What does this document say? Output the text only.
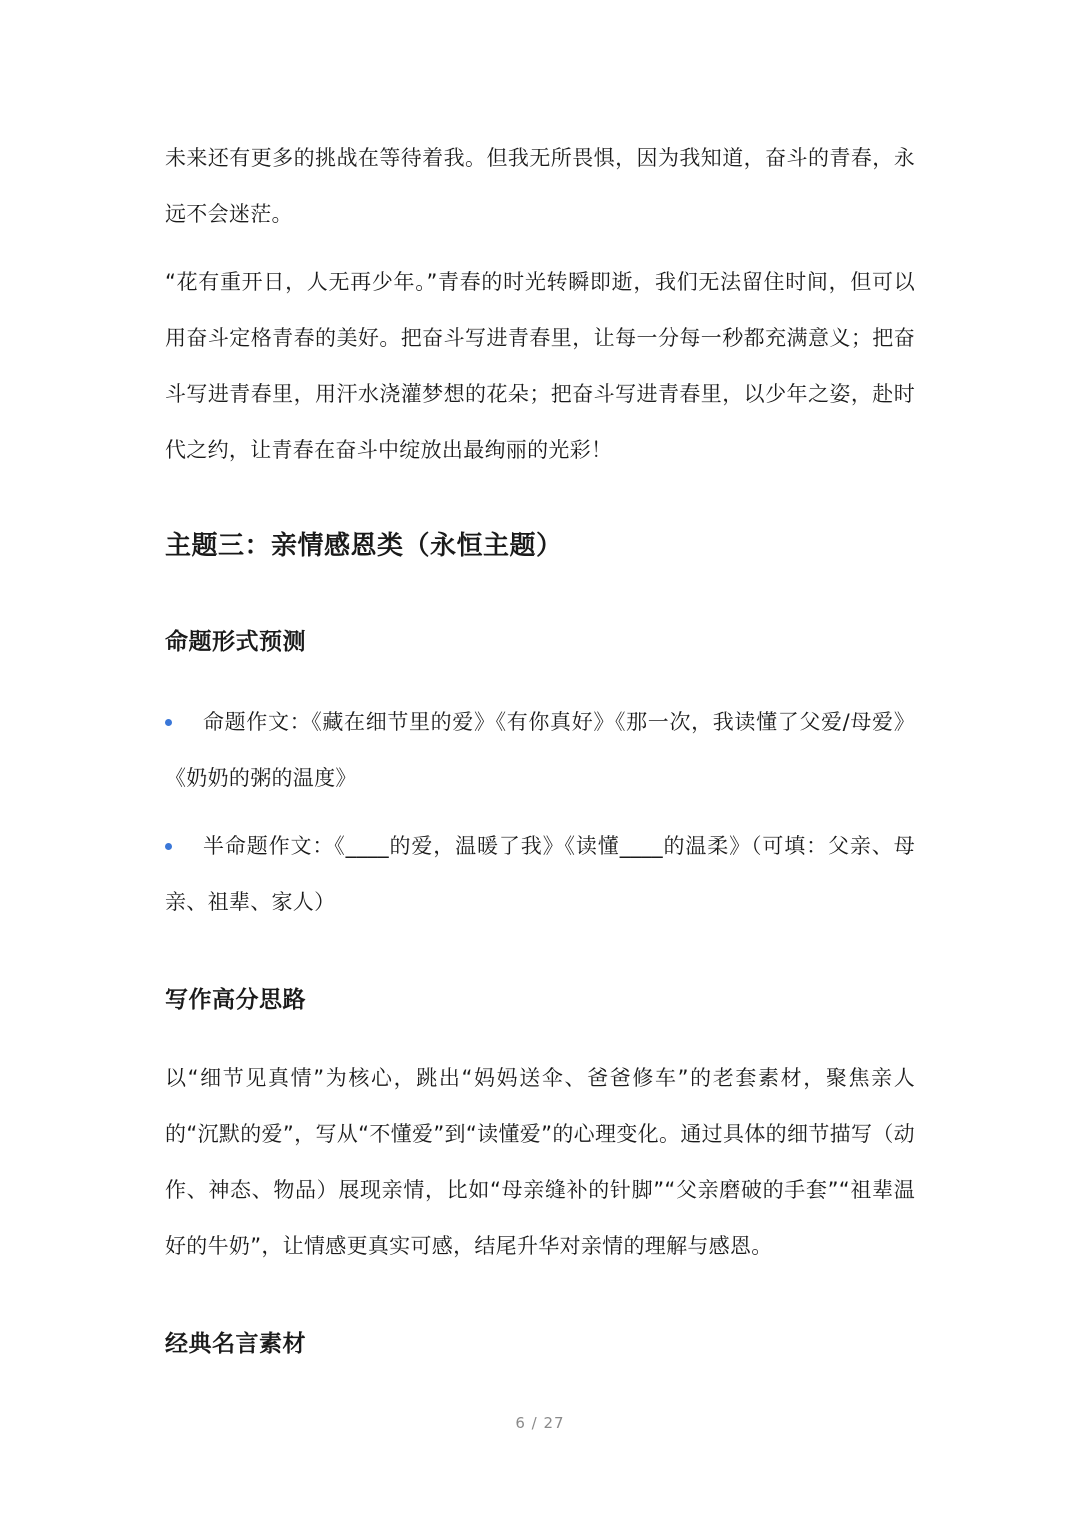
未来还有更多的挑战在等待着我。但我无所畏惧，因为我知道，奋斗的青春，永远不会迷茫。

“花有重开日，人无再少年。”青春的时光转瞬即逝，我们无法留住时间，但可以用奋斗定格青春的美好。把奋斗写进青春里，让每一分每一秒都充满意义；把奋斗写进青春里，用汗水浇灌梦想的花朵；把奋斗写进青春里，以少年之姿，赴时代之约，让青春在奋斗中绽放出最绚丽的光彩！

主题三：亲情感恩类（永恒主题）
命题形式预测
命题作文：《藏在细节里的爱》《有你真好》《那一次，我读懂了父爱/母爱》《奶奶的粥的温度》
半命题作文：《____的爱，温暖了我》《读懂____的温柔》（可填：父亲、母亲、祖辈、家人）
写作高分思路

以“细节见真情”为核心，跳出“妈妈送伞、爸爸修车”的老套素材，聚焦亲人的“沉默的爱”，写从“不懂爱”到“读懂爱”的心理变化。通过具体的细节描写（动作、神态、物品）展现亲情，比如“母亲缝补的针脚”“父亲磨破的手套”“祖辈温好的牛奶”，让情感更真实可感，结尾升华对亲情的理解与感恩。

经典名言素材
6 / 27
